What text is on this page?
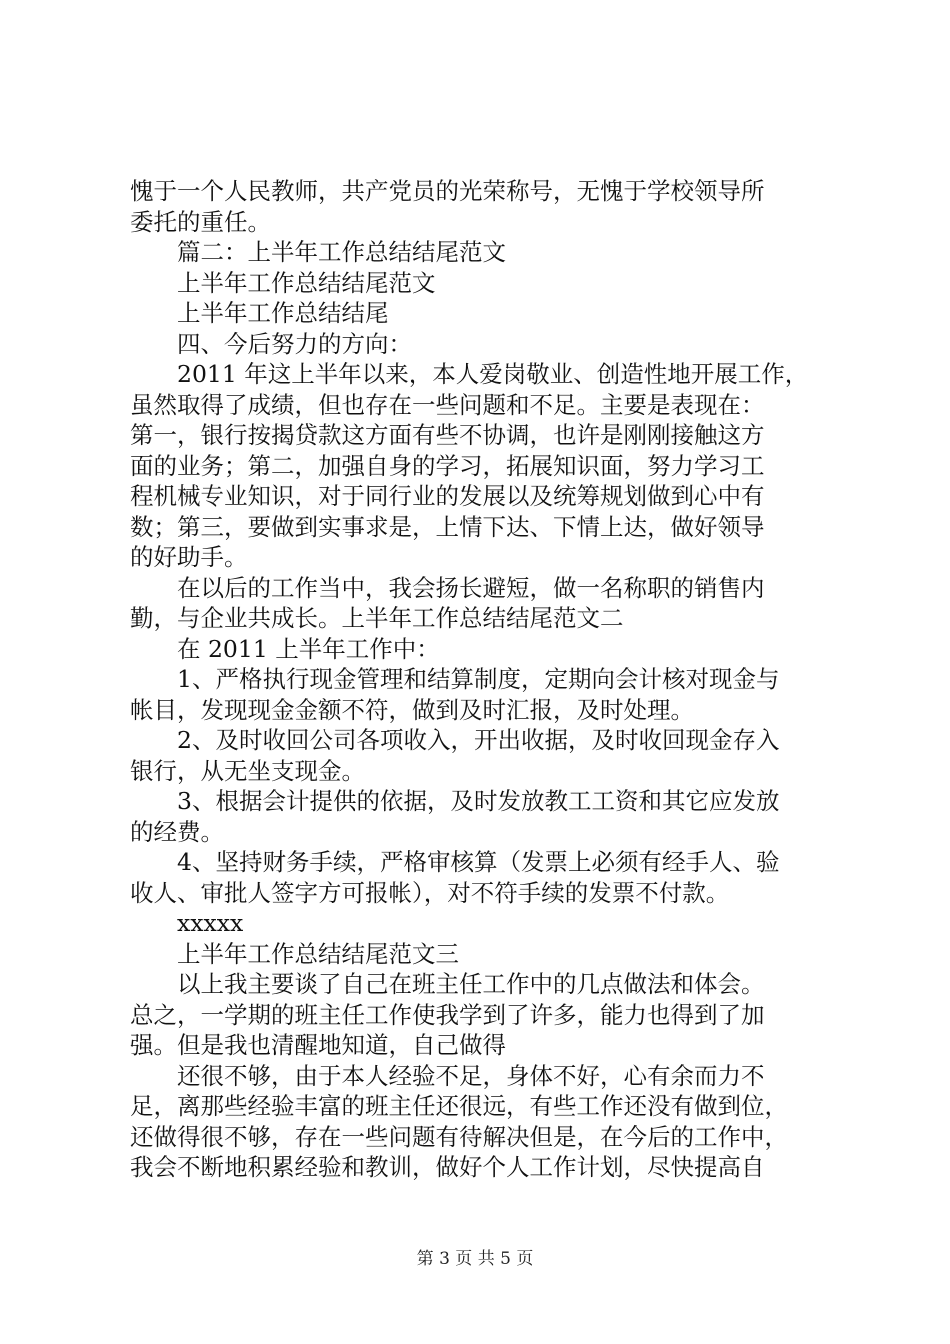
愧于一个人民教师，共产党员的光荣称号，无愧于学校领导所
委托的重任。
篇二：上半年工作总结结尾范文
上半年工作总结结尾范文
上半年工作总结结尾
四、今后努力的方向：
2011 年这上半年以来，本人爱岗敬业、创造性地开展工作，
虽然取得了成绩，但也存在一些问题和不足。主要是表现在：
第一，银行按揭贷款这方面有些不协调，也许是刚刚接触这方
面的业务；第二，加强自身的学习，拓展知识面，努力学习工
程机械专业知识，对于同行业的发展以及统筹规划做到心中有
数；第三，要做到实事求是，上情下达、下情上达，做好领导
的好助手。
在以后的工作当中，我会扬长避短，做一名称职的销售内
勤，与企业共成长。上半年工作总结结尾范文二
在 2011 上半年工作中：
1、严格执行现金管理和结算制度，定期向会计核对现金与
帐目，发现现金金额不符，做到及时汇报，及时处理。
2、及时收回公司各项收入，开出收据，及时收回现金存入
银行，从无坐支现金。
3、根据会计提供的依据，及时发放教工工资和其它应发放
的经费。
4、坚持财务手续，严格审核算（发票上必须有经手人、验
收人、审批人签字方可报帐），对不符手续的发票不付款。
xxxxx
上半年工作总结结尾范文三
以上我主要谈了自己在班主任工作中的几点做法和体会。
总之，一学期的班主任工作使我学到了许多，能力也得到了加
强。但是我也清醒地知道，自己做得
还很不够，由于本人经验不足，身体不好，心有余而力不
足，离那些经验丰富的班主任还很远，有些工作还没有做到位，
还做得很不够，存在一些问题有待解决但是，在今后的工作中，
我会不断地积累经验和教训，做好个人工作计划，尽快提高自
第 3 页 共 5 页
